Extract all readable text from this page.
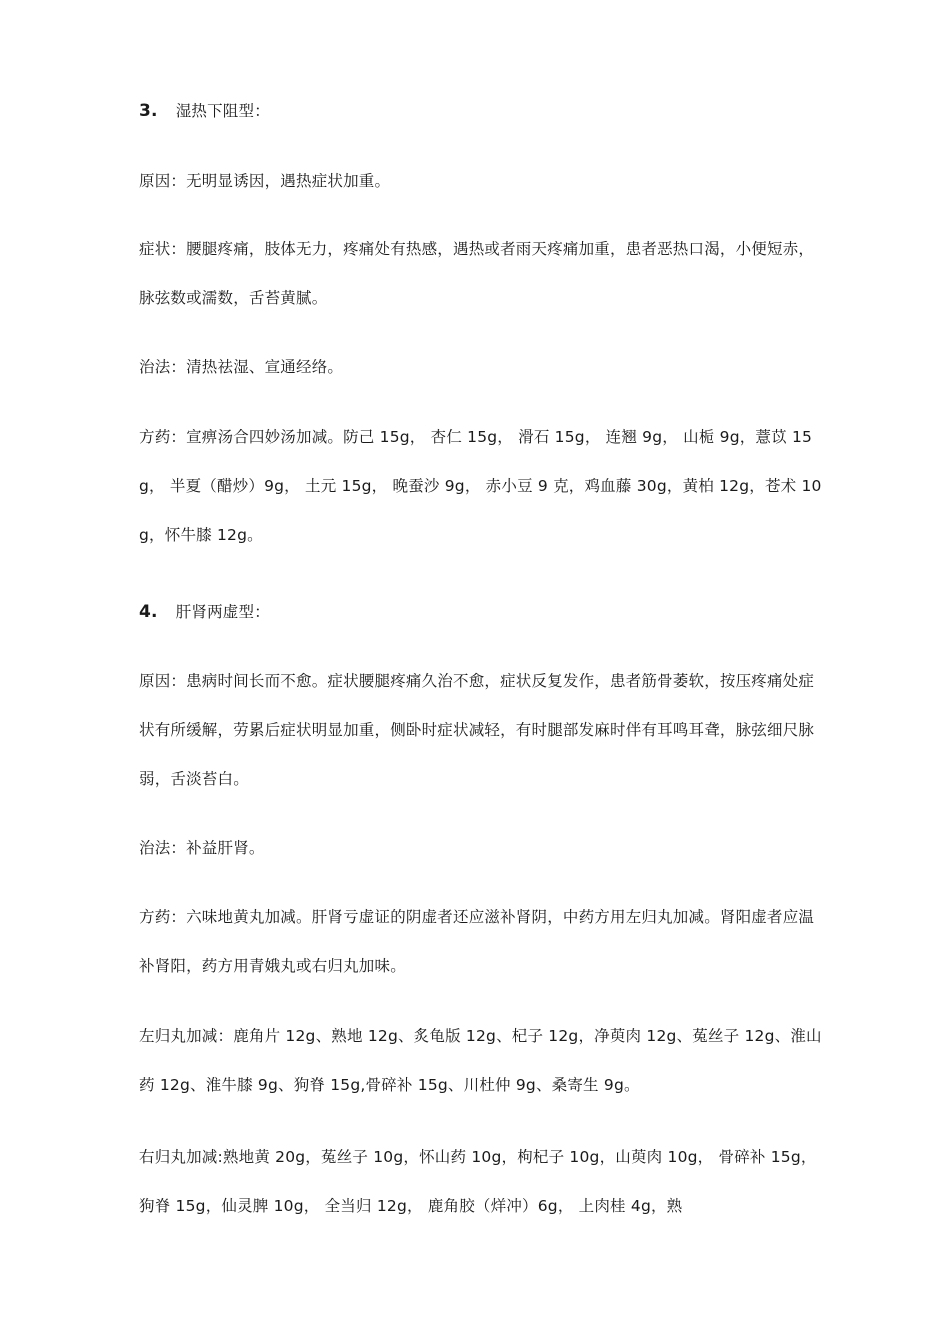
3. 湿热下阻型：
原因：无明显诱因，遇热症状加重。
症状：腰腿疼痛，肢体无力，疼痛处有热感，遇热或者雨天疼痛加重，患者恶热口渴，小便短赤，脉弦数或濡数，舌苔黄腻。
治法：清热祛湿、宣通经络。
方药：宣痹汤合四妙汤加减。防己 15g， 杏仁 15g， 滑石 15g， 连翘 9g， 山栀 9g，薏苡 15g， 半夏（醋炒）9g， 土元 15g， 晚蚕沙 9g， 赤小豆 9 克，鸡血藤 30g，黄柏 12g，苍术 10g，怀牛膝 12g。
4. 肝肾两虚型：
原因：患病时间长而不愈。症状腰腿疼痛久治不愈，症状反复发作，患者筋骨萎软，按压疼痛处症状有所缓解，劳累后症状明显加重，侧卧时症状减轻，有时腿部发麻时伴有耳鸣耳聋，脉弦细尺脉弱，舌淡苔白。
治法：补益肝肾。
方药：六味地黄丸加减。肝肾亏虚证的阴虚者还应滋补肾阴，中药方用左归丸加减。肾阳虚者应温补肾阳，药方用青娥丸或右归丸加味。
左归丸加减：鹿角片 12g、熟地 12g、炙龟版 12g、杞子 12g，净萸肉 12g、菟丝子 12g、淮山药 12g、淮牛膝 9g、狗脊 15g,骨碎补 15g、川杜仲 9g、桑寄生 9g。
右归丸加减:熟地黄 20g，菟丝子 10g，怀山药 10g，枸杞子 10g，山萸肉 10g， 骨碎补 15g， 狗脊 15g，仙灵脾 10g， 全当归 12g， 鹿角胶（烊冲）6g， 上肉桂 4g，熟
